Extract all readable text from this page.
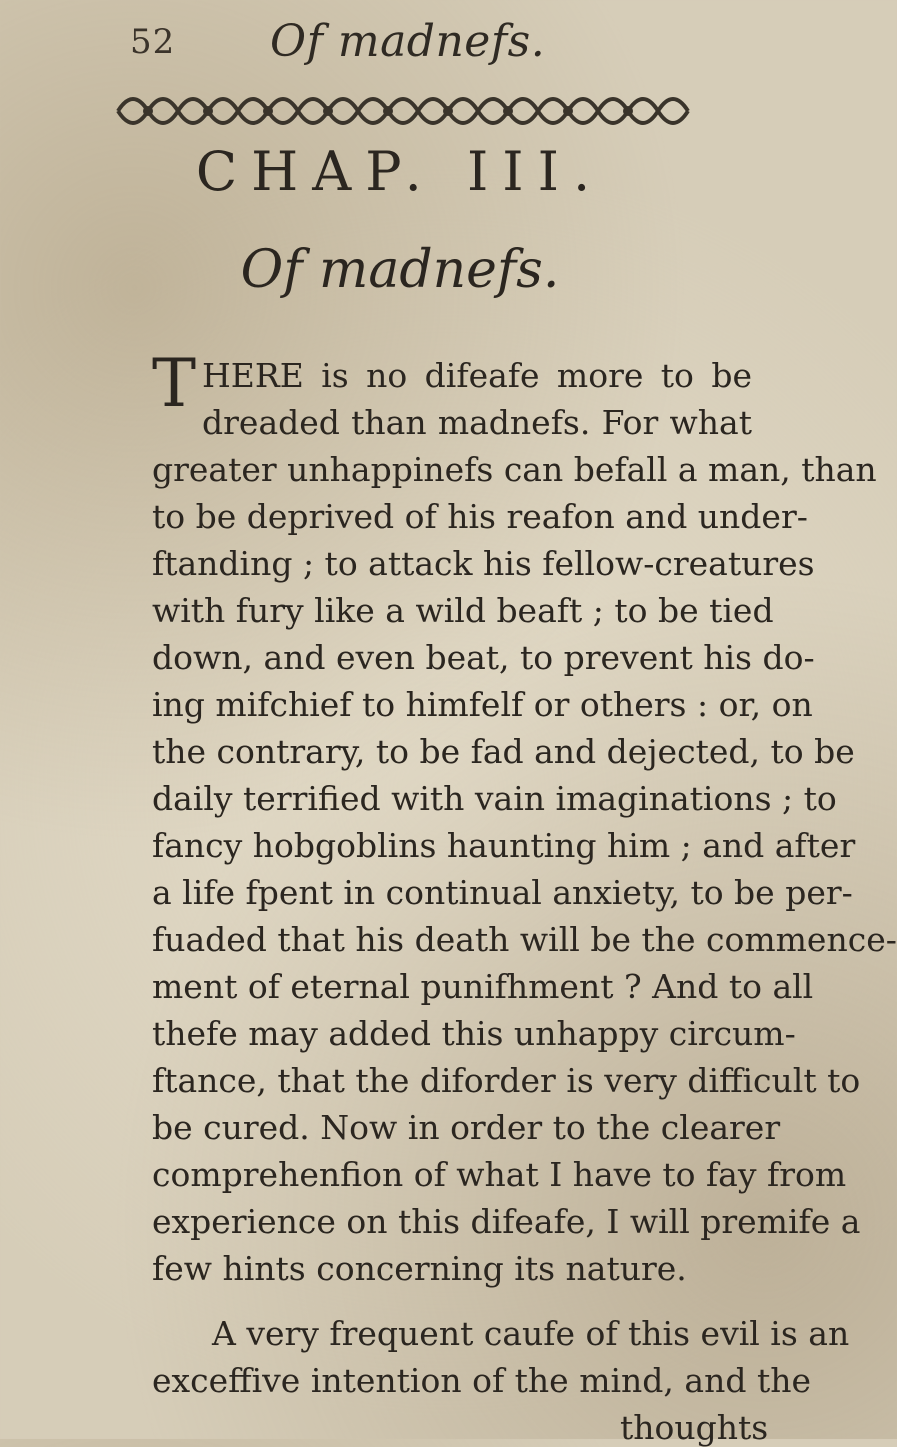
52 Of madnefs.
CHAP. III.
Of madnefs.
T HERE is no difeafe more to be
dreaded than madnefs. For what
greater unhappinefs can befall a man, than
to be deprived of his reafon and under-
ftanding ; to attack his fellow-creatures
with fury like a wild beaft ; to be tied
down, and even beat, to prevent his do-
ing mifchief to himfelf or others : or, on
the contrary, to be fad and dejected, to be
daily terrified with vain imaginations ; to
fancy hobgoblins haunting him ; and after
a life fpent in continual anxiety, to be per-
fuaded that his death will be the commence-
ment of eternal punifhment ? And to all
thefe may added this unhappy circum-
ftance, that the diforder is very difficult to
be cured. Now in order to the clearer
comprehenfion of what I have to fay from
experience on this difeafe, I will premife a
few hints concerning its nature.
A very frequent caufe of this evil is an
exceffive intention of the mind, and the
thoughts
